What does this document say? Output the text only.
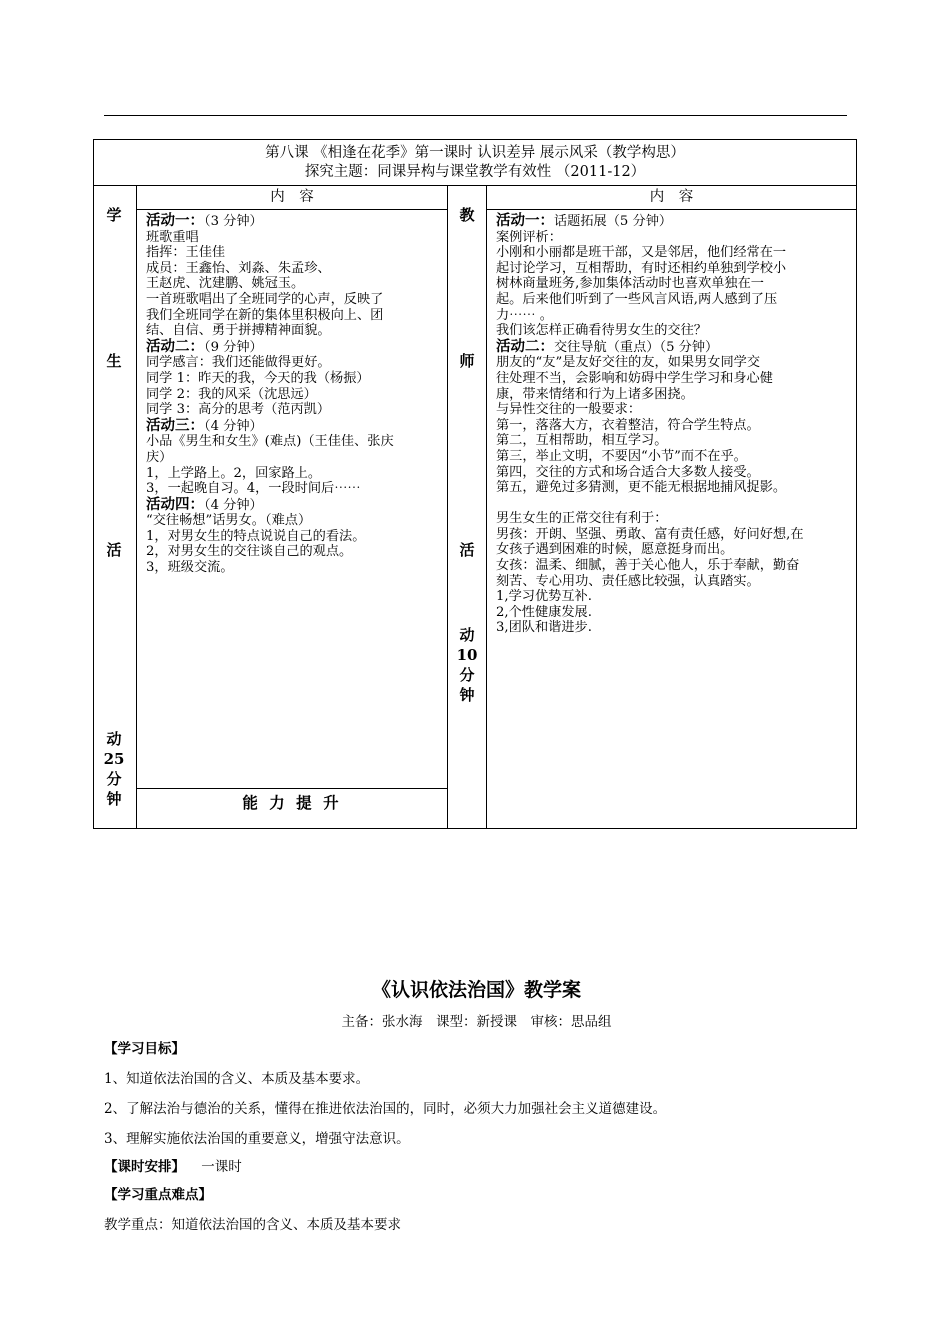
第八课 《相逢在花季》第一课时 认识差异 展示风采（教学构思）
探究主题：同课异构与课堂教学有效性 （2011-12）
学
生
活
动
25
分
钟
内　容
活动一：（3 分钟）
班歌重唱
指挥：王佳佳
成员：王鑫怡、刘淼、朱孟珍、
王赵虎、沈建鹏、姚冠玉。
一首班歌唱出了全班同学的心声，反映了
我们全班同学在新的集体里积极向上、团
结、自信、勇于拼搏精神面貌。
活动二：（9 分钟）
同学感言：我们还能做得更好。
同学 1：昨天的我，今天的我（杨振）
同学 2：我的风采（沈思远）
同学 3：高分的思考（范丙凯）
活动三：（4 分钟）
小品《男生和女生》(难点)（王佳佳、张庆
庆）
1，上学路上。2，回家路上。
3，一起晚自习。4，一段时间后⋯⋯
活动四：（4 分钟）
“交往畅想”话男女。（难点）
1，对男女生的特点说说自己的看法。
2，对男女生的交往谈自己的观点。
3，班级交流。
能 力 提 升
教
师
活
动
10
分
钟
内　容
活动一：话题拓展（5 分钟）
案例评析：
小刚和小丽都是班干部，又是邻居，他们经常在一
起讨论学习，互相帮助，有时还相约单独到学校小
树林商量班务,参加集体活动时也喜欢单独在一
起。后来他们听到了一些风言风语,两人感到了压
力⋯⋯ 。
我们该怎样正确看待男女生的交往？
活动二：交往导航（重点）（5 分钟）
朋友的“友”是友好交往的友，如果男女同学交
往处理不当，会影响和妨碍中学生学习和身心健
康，带来情绪和行为上诸多困挠。
与异性交往的一般要求：
第一，落落大方，衣着整洁，符合学生特点。
第二，互相帮助，相互学习。
第三，举止文明，不要因“小节”而不在乎。
第四，交往的方式和场合适合大多数人接受。
第五，避免过多猜测，更不能无根据地捕风捉影。
男生女生的正常交往有利于：
男孩：开朗、坚强、勇敢、富有责任感，好问好想,在
女孩子遇到困难的时候，愿意挺身而出。
女孩：温柔、细腻，善于关心他人，乐于奉献，勤奋
刻苦、专心用功、责任感比较强，认真踏实。
1,学习优势互补.
2,个性健康发展.
3,团队和谐进步.
《认识依法治国》教学案
主备：张水海　课型：新授课　审核：思品组
【学习目标】
1、知道依法治国的含义、本质及基本要求。
2、了解法治与德治的关系，懂得在推进依法治国的，同时，必须大力加强社会主义道德建设。
3、理解实施依法治国的重要意义，增强守法意识。
【课时安排】 一课时
【学习重点难点】
教学重点：知道依法治国的含义、本质及基本要求
